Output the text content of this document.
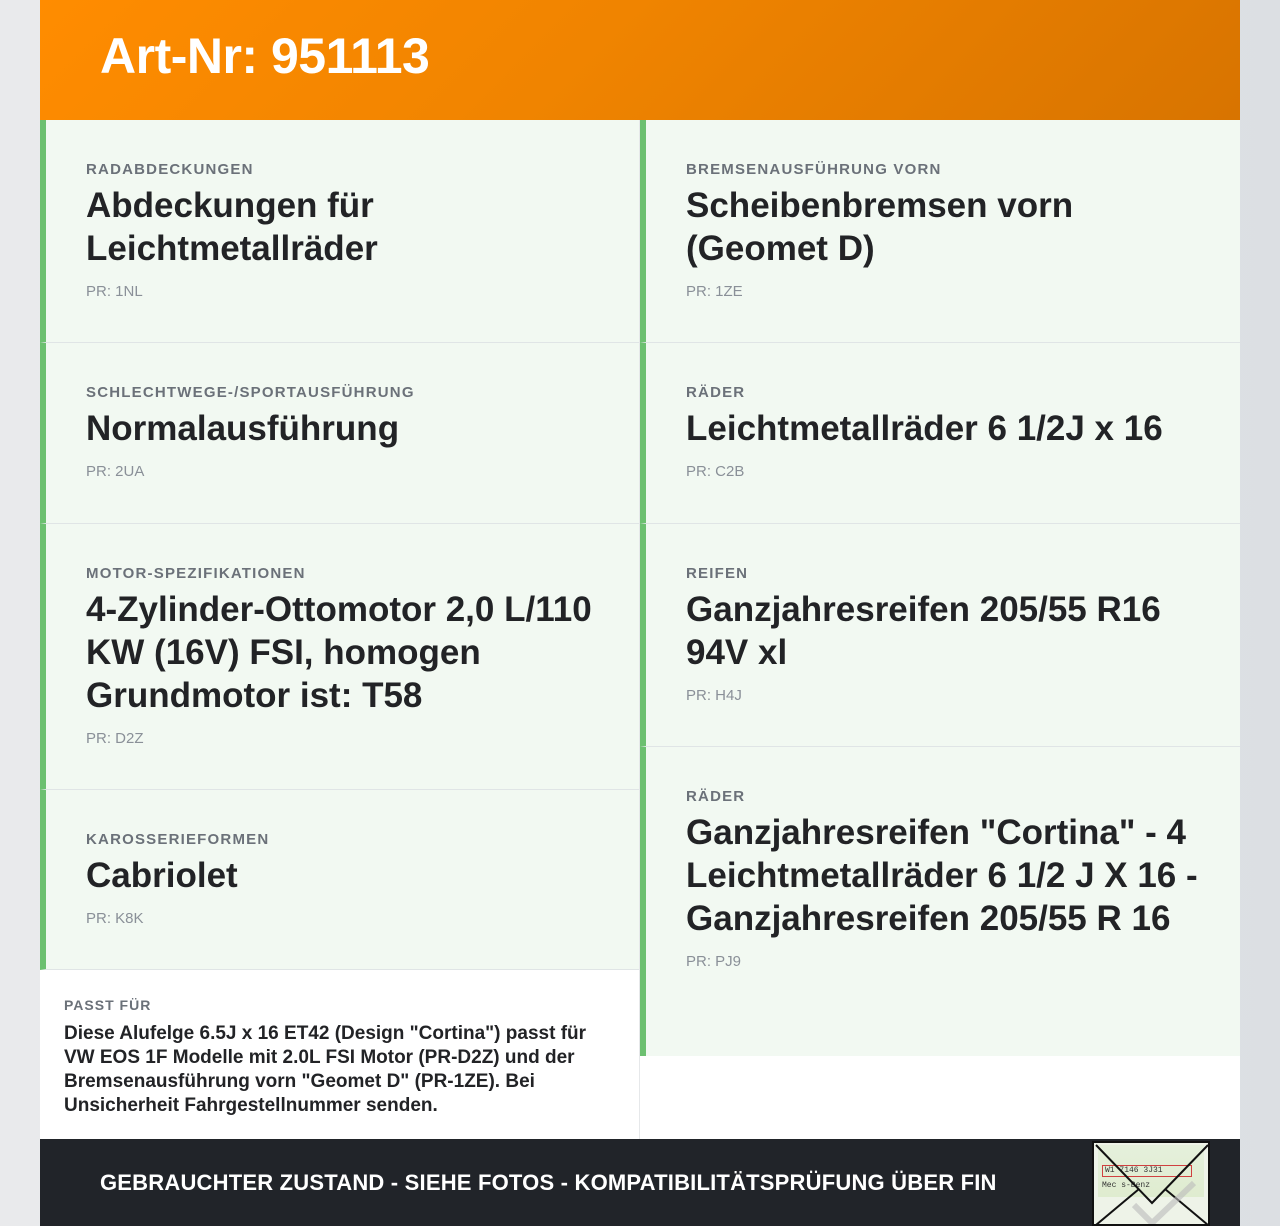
Art-Nr: 951113
RADABDECKUNGEN
Abdeckungen für Leichtmetallräder
PR: 1NL
SCHLECHTWEGE-/SPORTAUSFÜHRUNG
Normalausführung
PR: 2UA
MOTOR-SPEZIFIKATIONEN
4-Zylinder-Ottomotor 2,0 L/110 KW (16V) FSI, homogen Grundmotor ist: T58
PR: D2Z
KAROSSERIEFORMEN
Cabriolet
PR: K8K
PASST FÜR
Diese Alufelge 6.5J x 16 ET42 (Design "Cortina") passt für VW EOS 1F Modelle mit 2.0L FSI Motor (PR-D2Z) und der Bremsenausführung vorn "Geomet D" (PR-1ZE). Bei Unsicherheit Fahrgestellnummer senden.
BREMSENAUSFÜHRUNG VORN
Scheibenbremsen vorn (Geomet D)
PR: 1ZE
RÄDER
Leichtmetallräder 6 1/2J x 16
PR: C2B
REIFEN
Ganzjahresreifen 205/55 R16 94V xl
PR: H4J
RÄDER
Ganzjahresreifen "Cortina" - 4 Leichtmetallräder 6 1/2 J X 16 - Ganzjahresreifen 205/55 R 16
PR: PJ9
GEBRAUCHTER ZUSTAND - SIEHE FOTOS - KOMPATIBILITÄTSPRÜFUNG ÜBER FIN	W1 7146 3J31
Mec s-Benz
